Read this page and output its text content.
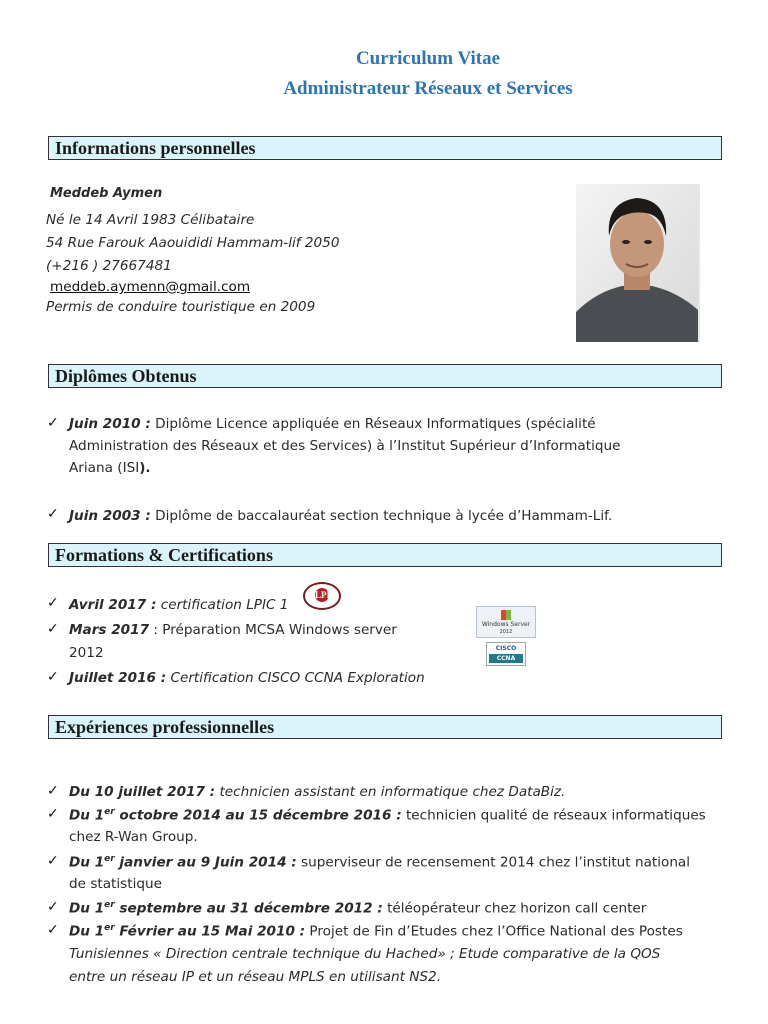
Curriculum Vitae
Administrateur Réseaux et Services
Informations personnelles
Meddeb Aymen
Né le 14 Avril 1983 Célibataire
54 Rue Farouk Aaouididi Hammam-lif 2050
(+216 ) 27667481
meddeb.aymenn@gmail.com
Permis de conduire touristique en 2009
Diplômes Obtenus
✓ Juin 2010 : Diplôme Licence appliquée en Réseaux Informatiques (spécialité
Administration des Réseaux et des Services) à l’Institut Supérieur d’Informatique
Ariana (ISI).
✓ Juin 2003 : Diplôme de baccalauréat section technique à lycée d’Hammam-Lif.
Formations & Certifications
✓ Avril 2017 : certification LPIC 1
LPI
✓ Mars 2017 : Préparation MCSA Windows server
2012
Windows Server
2012
CISCO
CCNA
✓ Juillet 2016 : Certification CISCO CCNA Exploration
Expériences professionnelles
✓ Du 10 juillet 2017 : technicien assistant en informatique chez DataBiz.
✓ Du 1er octobre 2014 au 15 décembre 2016 : technicien qualité de réseaux informatiques
chez R-Wan Group.
✓ Du 1er janvier au 9 Juin 2014 : superviseur de recensement 2014 chez l’institut national
de statistique
✓ Du 1er septembre au 31 décembre 2012 : téléopérateur chez horizon call center
✓ Du 1er Février au 15 Mai 2010 : Projet de Fin d’Etudes chez l’Office National des Postes
Tunisiennes « Direction centrale technique du Hached» ; Etude comparative de la QOS
entre un réseau IP et un réseau MPLS en utilisant NS2.
